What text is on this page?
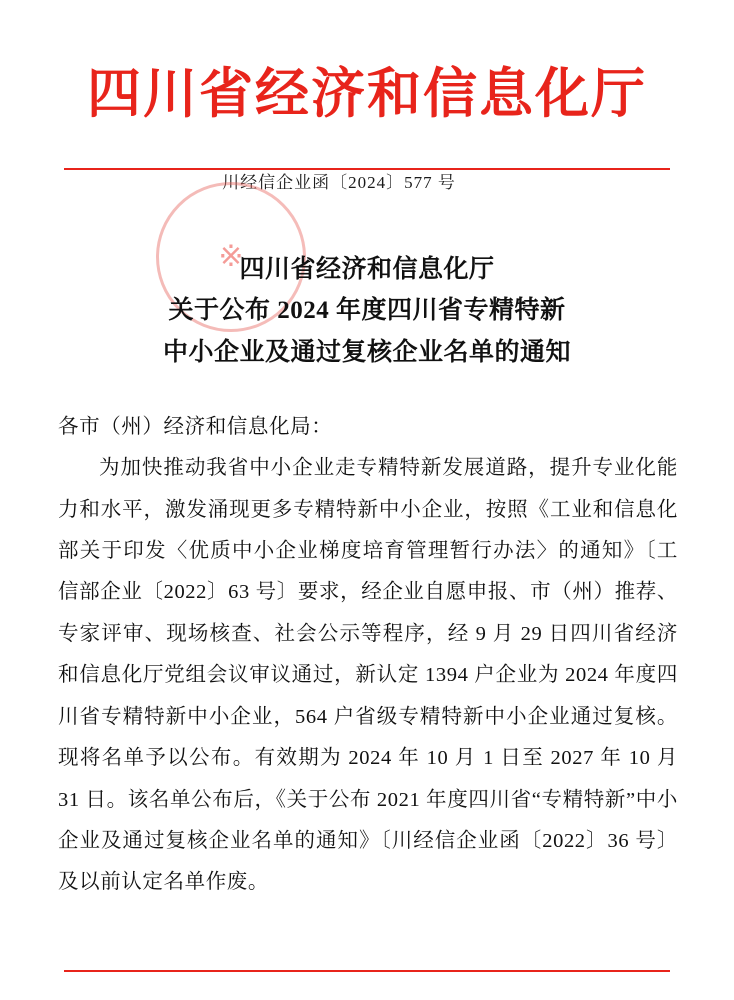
四川省经济和信息化厅
川经信企业函〔2024〕577 号
※
四川省经济和信息化厅
关于公布 2024 年度四川省专精特新
中小企业及通过复核企业名单的通知

各市（州）经济和信息化局：

为加快推动我省中小企业走专精特新发展道路，提升专业化能力和水平，激发涌现更多专精特新中小企业，按照《工业和信息化部关于印发〈优质中小企业梯度培育管理暂行办法〉的通知》〔工信部企业〔2022〕63 号〕要求，经企业自愿申报、市（州）推荐、专家评审、现场核查、社会公示等程序，经 9 月 29 日四川省经济和信息化厅党组会议审议通过，新认定 1394 户企业为 2024 年度四川省专精特新中小企业，564 户省级专精特新中小企业通过复核。现将名单予以公布。有效期为 2024 年 10 月 1 日至 2027 年 10 月 31 日。该名单公布后，《关于公布 2021 年度四川省“专精特新”中小企业及通过复核企业名单的通知》〔川经信企业函〔2022〕36 号〕及以前认定名单作废。
